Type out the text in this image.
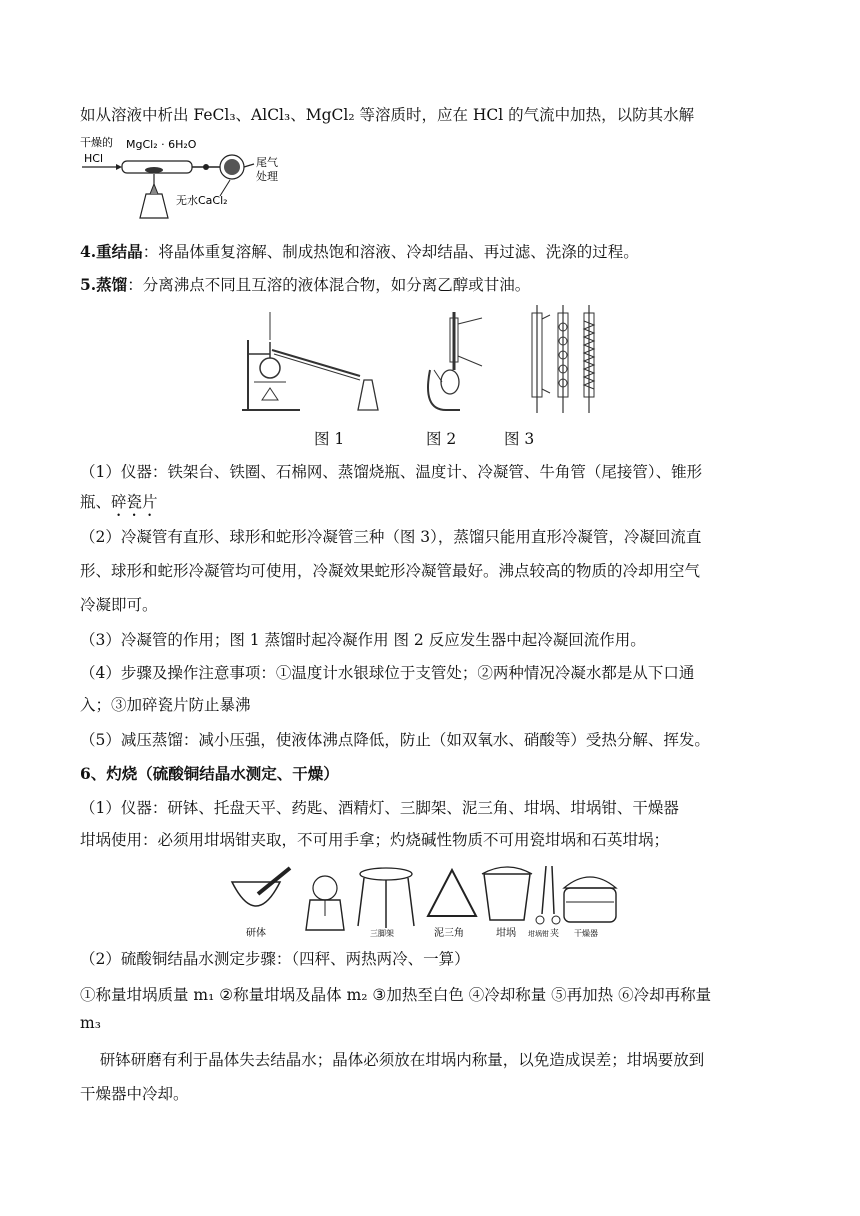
如从溶液中析出 FeCl₃、AlCl₃、MgCl₂ 等溶质时，应在 HCl 的气流中加热，以防其水解
干燥的
HCl
MgCl₂ · 6H₂O
尾气
处理
无水CaCl₂
4.重结晶：将晶体重复溶解、制成热饱和溶液、冷却结晶、再过滤、洗涤的过程。
5.蒸馏：分离沸点不同且互溶的液体混合物，如分离乙醇或甘油。
图 1	图 2	图 3
（1）仪器：铁架台、铁圈、石棉网、蒸馏烧瓶、温度计、冷凝管、牛角管（尾接管）、锥形
瓶、碎瓷片
（2）冷凝管有直形、球形和蛇形冷凝管三种（图 3），蒸馏只能用直形冷凝管，冷凝回流直
形、球形和蛇形冷凝管均可使用，冷凝效果蛇形冷凝管最好。沸点较高的物质的冷却用空气
冷凝即可。
（3）冷凝管的作用；图 1 蒸馏时起冷凝作用 图 2 反应发生器中起冷凝回流作用。
（4）步骤及操作注意事项：①温度计水银球位于支管处；②两种情况冷凝水都是从下口通
入；③加碎瓷片防止暴沸
（5）减压蒸馏：减小压强，使液体沸点降低，防止（如双氧水、硝酸等）受热分解、挥发。
6、灼烧（硫酸铜结晶水测定、干燥）
（1）仪器：研钵、托盘天平、药匙、酒精灯、三脚架、泥三角、坩埚、坩埚钳、干燥器
坩埚使用：必须用坩埚钳夹取，不可用手拿；灼烧碱性物质不可用瓷坩埚和石英坩埚；
研体	三脚架	泥三角	坩埚 坩埚钳 夹 干燥器
（2）硫酸铜结晶水测定步骤：（四秤、两热两冷、一算）
①称量坩埚质量 m₁ ②称量坩埚及晶体 m₂ ③加热至白色 ④冷却称量 ⑤再加热 ⑥冷却再称量
m₃
研钵研磨有利于晶体失去结晶水；晶体必须放在坩埚内称量，以免造成误差；坩埚要放到
干燥器中冷却。
